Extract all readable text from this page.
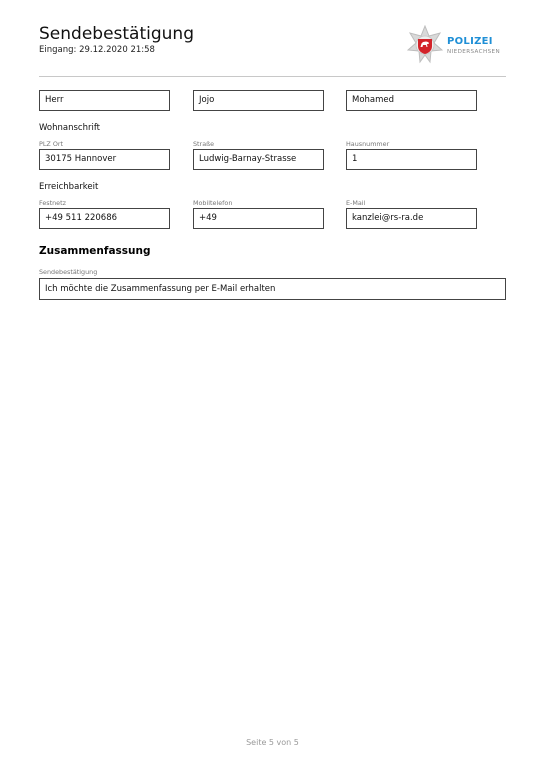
Sendebestätigung
Eingang: 29.12.2020 21:58
POLIZEI
NIEDERSACHSEN
Herr	Jojo	Mohamed
Wohnanschrift
PLZ Ort	Straße	Hausnummer
30175 Hannover	Ludwig-Barnay-Strasse	1
Erreichbarkeit
Festnetz	Mobiltelefon	E-Mail
+49 511 220686	+49	kanzlei@rs-ra.de
Zusammenfassung
Sendebestätigung
Ich möchte die Zusammenfassung per E-Mail erhalten
Seite 5 von 5
